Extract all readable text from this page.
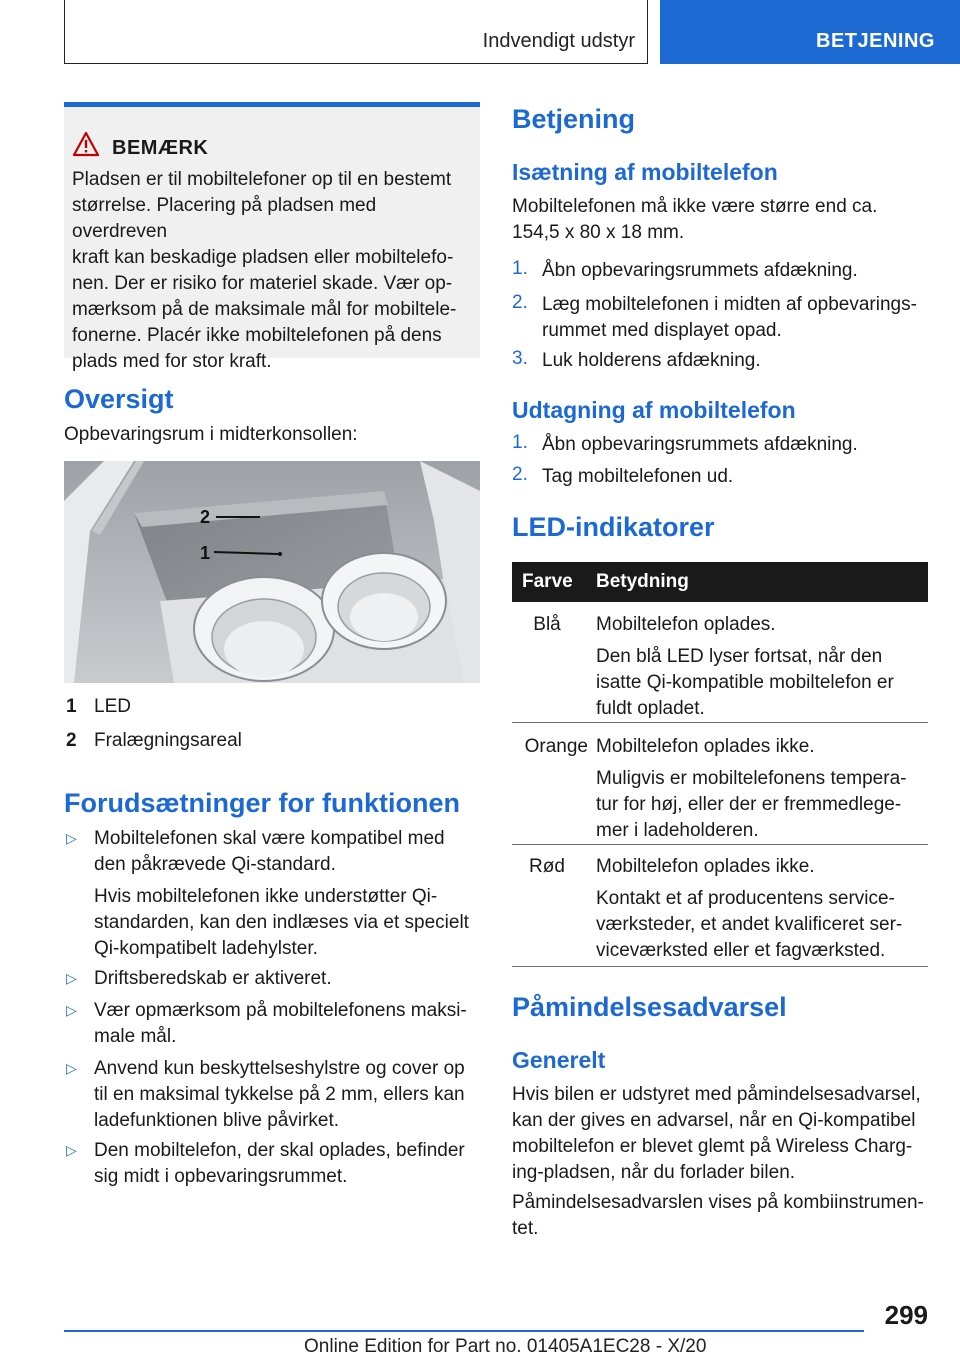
Indvendigt udstyr	BETJENING
BEMÆRK
Pladsen er til mobiltelefoner op til en bestemt
størrelse. Placering på pladsen med overdreven
kraft kan beskadige pladsen eller mobiltelefo‐
nen. Der er risiko for materiel skade. Vær op‐
mærksom på de maksimale mål for mobiltele‐
fonerne. Placér ikke mobiltelefonen på dens
plads med for stor kraft.
Oversigt

Opbevaringsrum i midterkonsollen:

2
1
1 LED
2 Fralægningsareal
Forudsætninger for funktionen
▷ Mobiltelefonen skal være kompatibel med
den påkrævede Qi-standard.
Hvis mobiltelefonen ikke understøtter Qi-
standarden, kan den indlæses via et specielt
Qi-kompatibelt ladehylster.
▷ Driftsberedskab er aktiveret.
▷ Vær opmærksom på mobiltelefonens maksi‐
male mål.
▷ Anvend kun beskyttelseshylstre og cover op
til en maksimal tykkelse på 2 mm, ellers kan
ladefunktionen blive påvirket.
▷ Den mobiltelefon, der skal oplades, befinder
sig midt i opbevaringsrummet.
Betjening
Isætning af mobiltelefon
Mobiltelefonen må ikke være større end ca.
154,5 x 80 x 18 mm.
1. Åbn opbevaringsrummets afdækning.
2. Læg mobiltelefonen i midten af opbevarings‐
rummet med displayet opad.
3. Luk holderens afdækning.
Udtagning af mobiltelefon
1. Åbn opbevaringsrummets afdækning.
2. Tag mobiltelefonen ud.
LED-indikatorer
Farve Betydning
Blå	Mobiltelefon oplades.
Den blå LED lyser fortsat, når den
isatte Qi-kompatible mobiltelefon er
fuldt opladet.
Orange Mobiltelefon oplades ikke.
Muligvis er mobiltelefonens tempera‐
tur for høj, eller der er fremmedlege‐
mer i ladeholderen.
Rød	Mobiltelefon oplades ikke.
Kontakt et af producentens service‐
værksteder, et andet kvalificeret ser‐
viceværksted eller et fagværksted.
Påmindelsesadvarsel
Generelt
Hvis bilen er udstyret med påmindelsesadvarsel,
kan der gives en advarsel, når en Qi-kompatibel
mobiltelefon er blevet glemt på Wireless Charg‐
ing-pladsen, når du forlader bilen.
Påmindelsesadvarslen vises på kombiinstrumen‐
tet.
299
Online Edition for Part no. 01405A1EC28 - X/20
